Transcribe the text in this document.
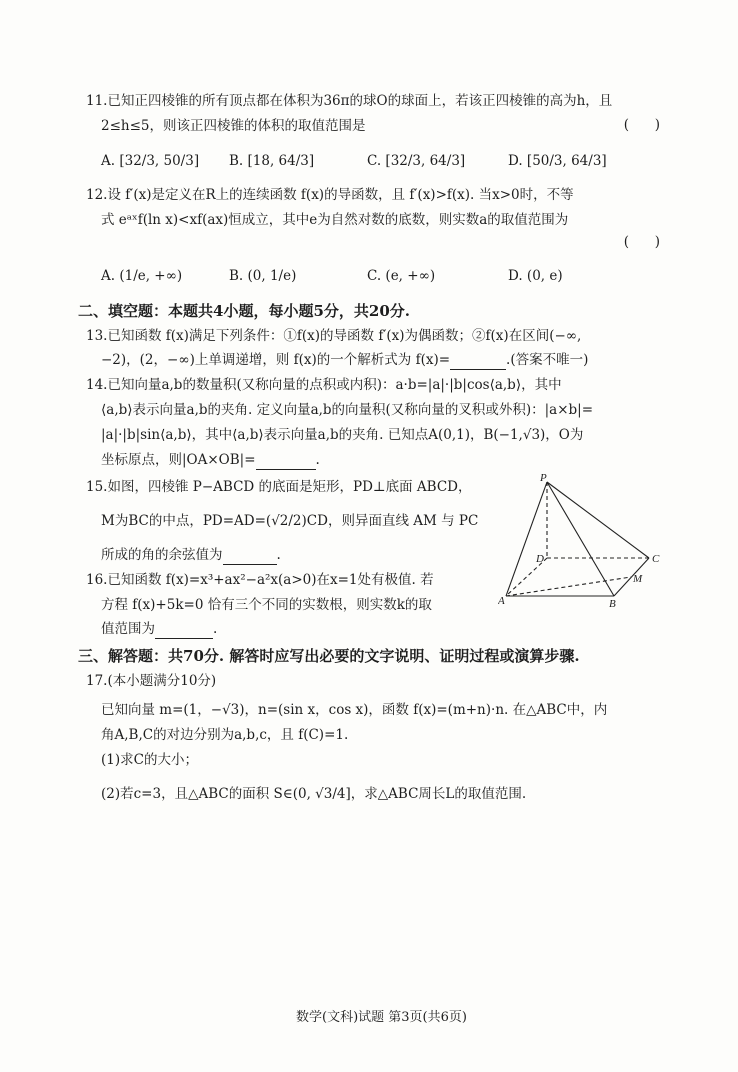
11.已知正四棱锥的所有顶点都在体积为36π的球O的球面上，若该正四棱锥的高为h，且
2≤h≤5，则该正四棱锥的体积的取值范围是	(      )
A. [32/3, 50/3] B. [18, 64/3]	C. [32/3, 64/3]	D. [50/3, 64/3]
12.设 f′(x)是定义在R上的连续函数 f(x)的导函数，且 f′(x)>f(x). 当x>0时，不等
式 eᵃˣf(ln x)<xf(ax)恒成立，其中e为自然对数的底数，则实数a的取值范围为
(      )
A. (1/e, +∞)	B. (0, 1/e)	C. (e, +∞)	D. (0, e)
二、填空题：本题共4小题，每小题5分，共20分.
13.已知函数 f(x)满足下列条件：①f(x)的导函数 f′(x)为偶函数；②f(x)在区间(−∞,
−2)，(2，−∞)上单调递增，则 f(x)的一个解析式为 f(x)=	.(答案不唯一)
14.已知向量a,b的数量积(又称向量的点积或内积)：a·b=|a|·|b|cos⟨a,b⟩，其中
⟨a,b⟩表示向量a,b的夹角. 定义向量a,b的向量积(又称向量的叉积或外积)：|a×b|=
|a|·|b|sin⟨a,b⟩，其中⟨a,b⟩表示向量a,b的夹角. 已知点A(0,1)，B(−1,√3)，O为
坐标原点，则|OA×OB|=	.
15.如图，四棱锥 P−ABCD 的底面是矩形，PD⊥底面 ABCD，
M为BC的中点，PD=AD=(√2/2)CD，则异面直线 AM 与 PC
所成的角的余弦值为	.
16.已知函数 f(x)=x³+ax²−a²x(a>0)在x=1处有极值. 若
方程 f(x)+5k=0 恰有三个不同的实数根，则实数k的取
值范围为	.
P
D	C
M
A	B
三、解答题：共70分. 解答时应写出必要的文字说明、证明过程或演算步骤.
17.(本小题满分10分)
已知向量 m=(1，−√3)，n=(sin x，cos x)，函数 f(x)=(m+n)·n. 在△ABC中，内
角A,B,C的对边分别为a,b,c，且 f(C)=1.
(1)求C的大小；
(2)若c=3，且△ABC的面积 S∈(0, √3/4]，求△ABC周长L的取值范围.
数学(文科)试题 第3页(共6页)
